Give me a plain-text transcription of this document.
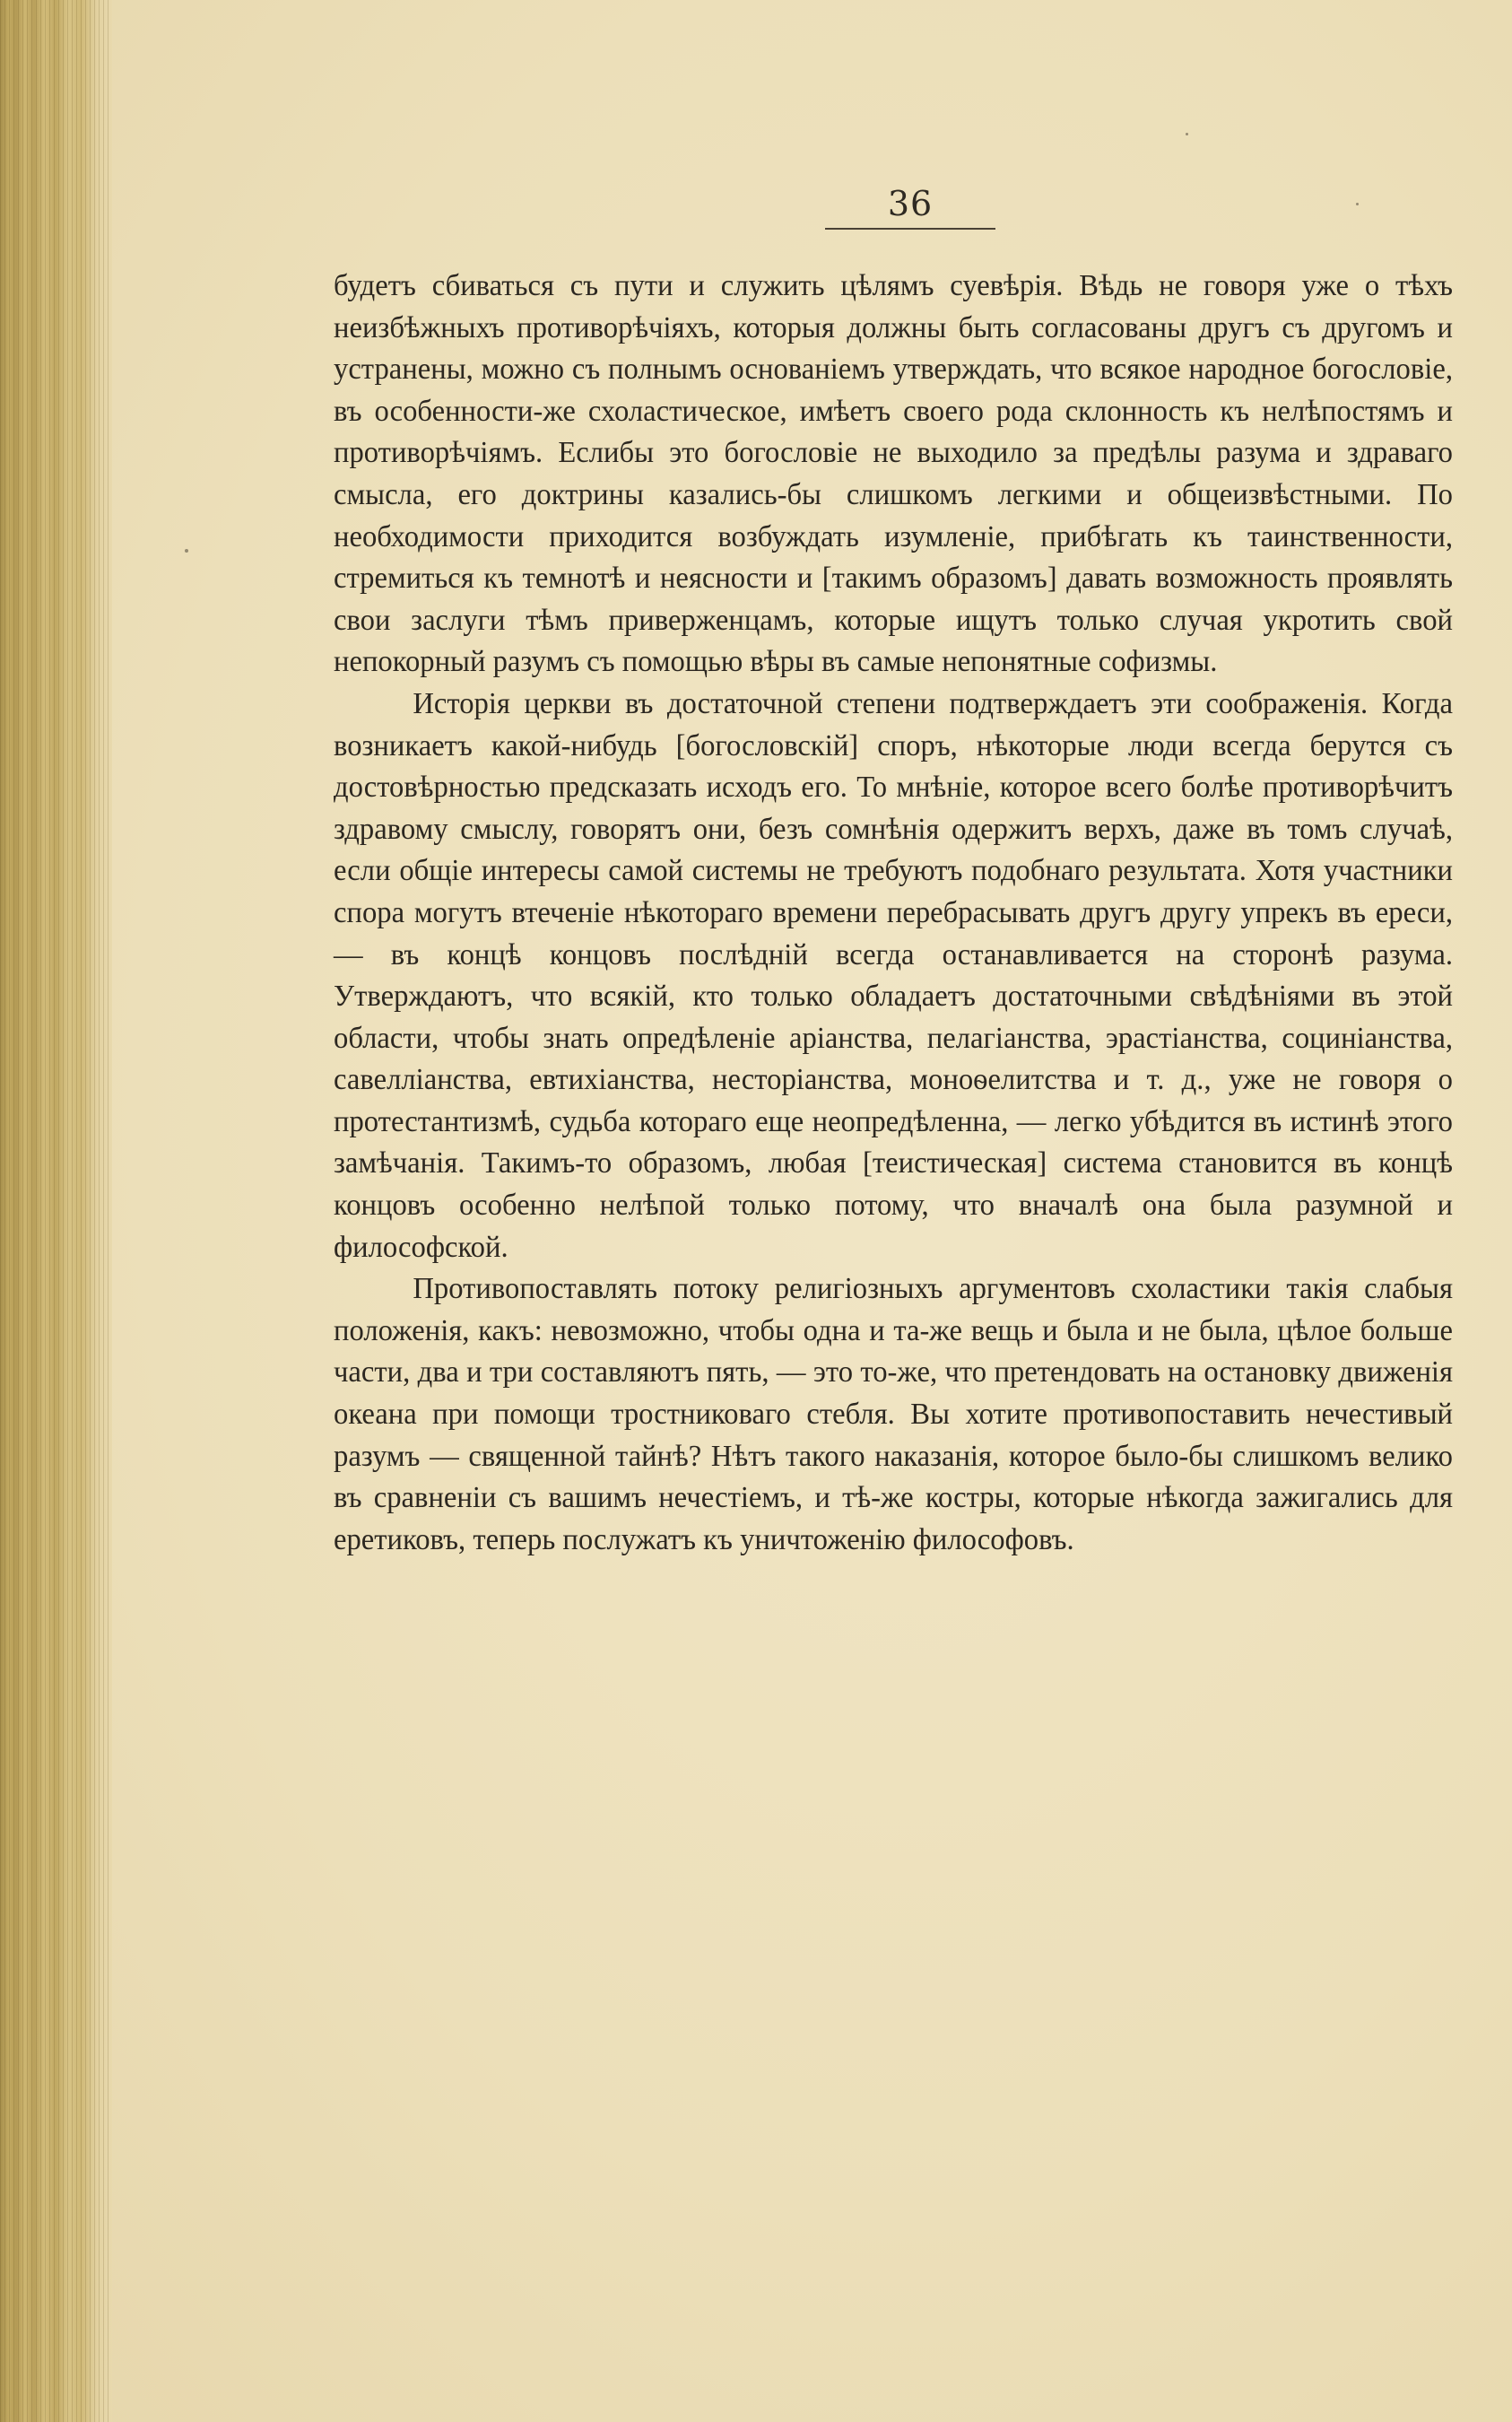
36

будетъ сбиваться съ пути и служить цѣлямъ суевѣрія. Вѣдь не говоря уже о тѣхъ неизбѣжныхъ противорѣчіяхъ, которыя должны быть согласованы другъ съ другомъ и устранены, можно съ полнымъ основаніемъ утверждать, что всякое народное богословіе, въ особенности-же схоластическое, имѣетъ своего рода склонность къ нелѣпостямъ и противорѣчіямъ. Еслибы это богословіе не выходило за предѣлы разума и здраваго смысла, его доктрины казались-бы слишкомъ легкими и общеизвѣстными. По необходимости приходится возбуждать изумленіе, прибѣгать къ таинственности, стремиться къ темнотѣ и неясности и [такимъ образомъ] давать возможность проявлять свои заслуги тѣмъ приверженцамъ, которые ищутъ только случая укротить свой непокорный разумъ съ помощью вѣры въ самые непонятные софизмы.

Исторія церкви въ достаточной степени подтверждаетъ эти соображенія. Когда возникаетъ какой-нибудь [богословскій] споръ, нѣкоторые люди всегда берутся съ достовѣрностью предсказать исходъ его. То мнѣніе, которое всего болѣе противорѣчитъ здравому смыслу, говорятъ они, безъ сомнѣнія одержитъ верхъ, даже въ томъ случаѣ, если общіе интересы самой системы не требуютъ подобнаго результата. Хотя участники спора могутъ втеченіе нѣкотораго времени перебрасывать другъ другу упрекъ въ ереси, — въ концѣ концовъ послѣдній всегда останавливается на сторонѣ разума. Утверждаютъ, что всякій, кто только обладаетъ достаточными свѣдѣніями въ этой области, чтобы знать опредѣленіе аріанства, пелагіанства, эрастіанства, социніанства, савелліанства, евтихіанства, несторіанства, моноѳелитства и т. д., уже не говоря о протестантизмѣ, судьба котораго еще неопредѣленна, — легко убѣдится въ истинѣ этого замѣчанія. Такимъ-то образомъ, любая [теистическая] система становится въ концѣ концовъ особенно нелѣпой только потому, что вначалѣ она была разумной и философской.

Противопоставлять потоку религіозныхъ аргументовъ схоластики такія слабыя положенія, какъ: невозможно, чтобы одна и та-же вещь и была и не была, цѣлое больше части, два и три составляютъ пять, — это то-же, что претендовать на остановку движенія океана при помощи тростниковаго стебля. Вы хотите противопоставить нечестивый разумъ — священной тайнѣ? Нѣтъ такого наказанія, которое было-бы слишкомъ велико въ сравненіи съ вашимъ нечестіемъ, и тѣ-же костры, которые нѣкогда зажигались для еретиковъ, теперь послужатъ къ уничтоженію философовъ.
